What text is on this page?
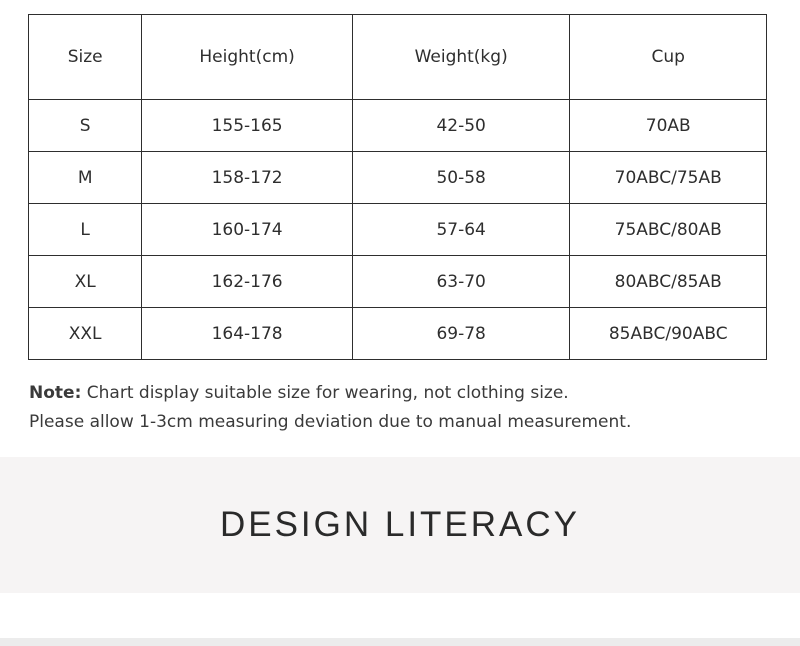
Size	Height(cm)	Weight(kg)	Cup
S	155-165	42-50	70AB
M	158-172	50-58	70ABC/75AB
L	160-174	57-64	75ABC/80AB
XL	162-176	63-70	80ABC/85AB
XXL	164-178	69-78	85ABC/90ABC
Note: Chart display suitable size for wearing, not clothing size.
Please allow 1-3cm measuring deviation due to manual measurement.
DESIGN LITERACY
